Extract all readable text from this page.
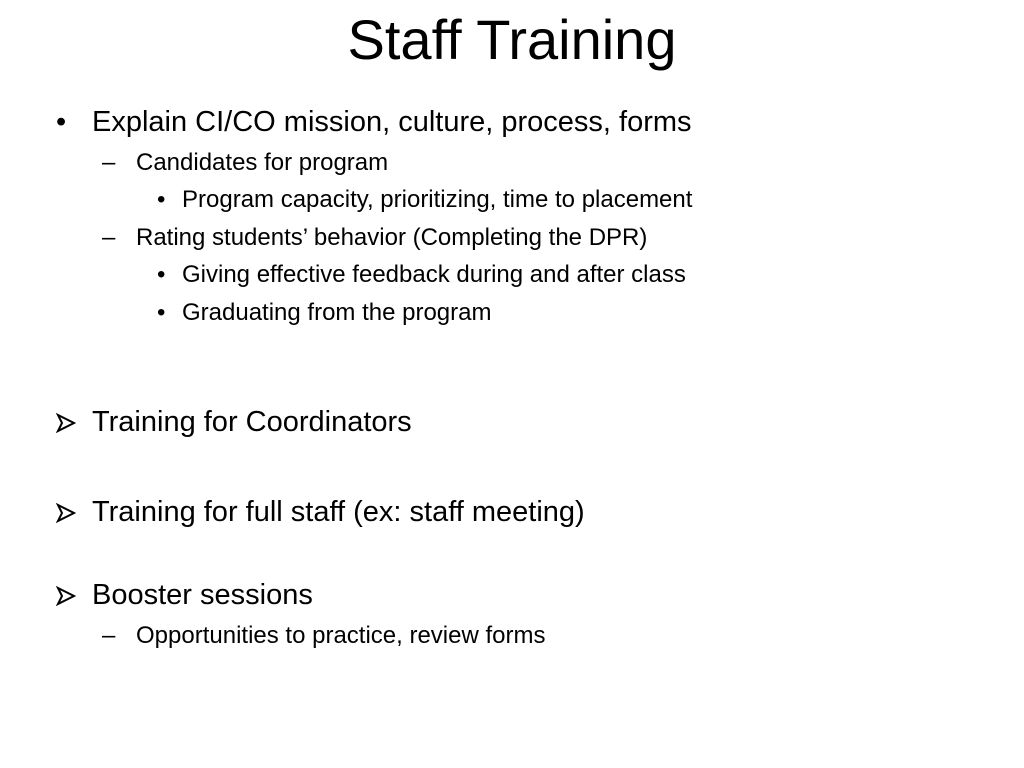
Staff Training
• Explain CI/CO mission, culture, process, forms
– Candidates for program
• Program capacity, prioritizing, time to placement
– Rating students’ behavior (Completing the DPR)
• Giving effective feedback during and after class
• Graduating from the program
Training for Coordinators
Training for full staff (ex: staff meeting)
Booster sessions
– Opportunities to practice, review forms
